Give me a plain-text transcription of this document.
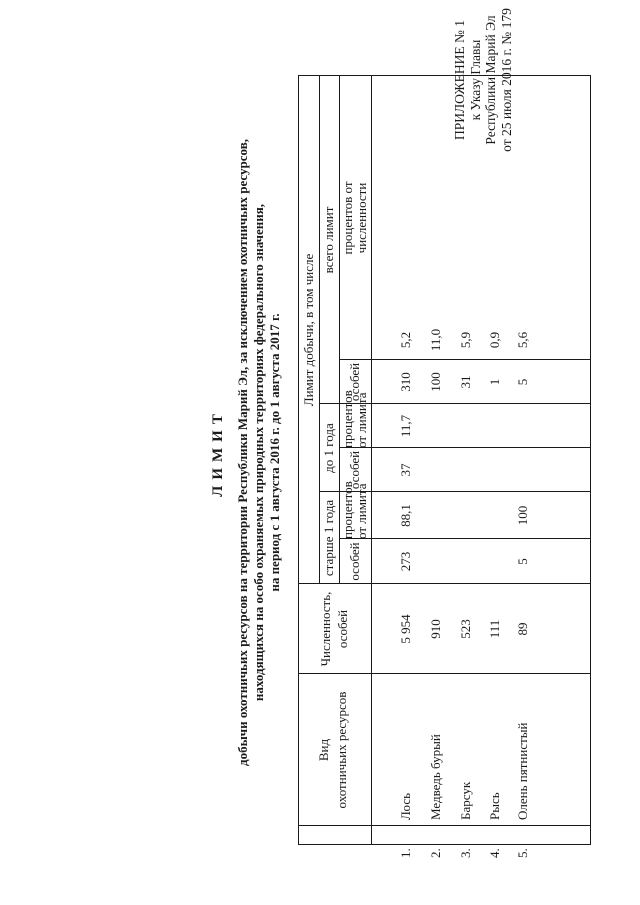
ПРИЛОЖЕНИЕ № 1 к Указу Главы Республики Марий Эл от 25 июля 2016 г. № 179
ЛИМИТ добычи охотничьих ресурсов на территории Республики Марий Эл, за исключением охотничьих ресурсов, находящихся на особо охраняемых природных территориях федерального значения, на период с 1 августа 2016 г. до 1 августа 2017 г.
Вид охотничьих ресурсов
Численность, особей
Лимит добычи, в том числе
старше 1 года
до 1 года
всего лимит
особей
процентов от лимита
особей
процентов от лимита
особей
процентов от численности
1.
Лось
5 954
273
88,1
37
11,7
310
5,2
2.
Медведь бурый
910
100
11,0
3.
Барсук
523
31
5,9
4.
Рысь
111
1
0,9
5.
Олень пятнистый
89
5
100
5
5,6
